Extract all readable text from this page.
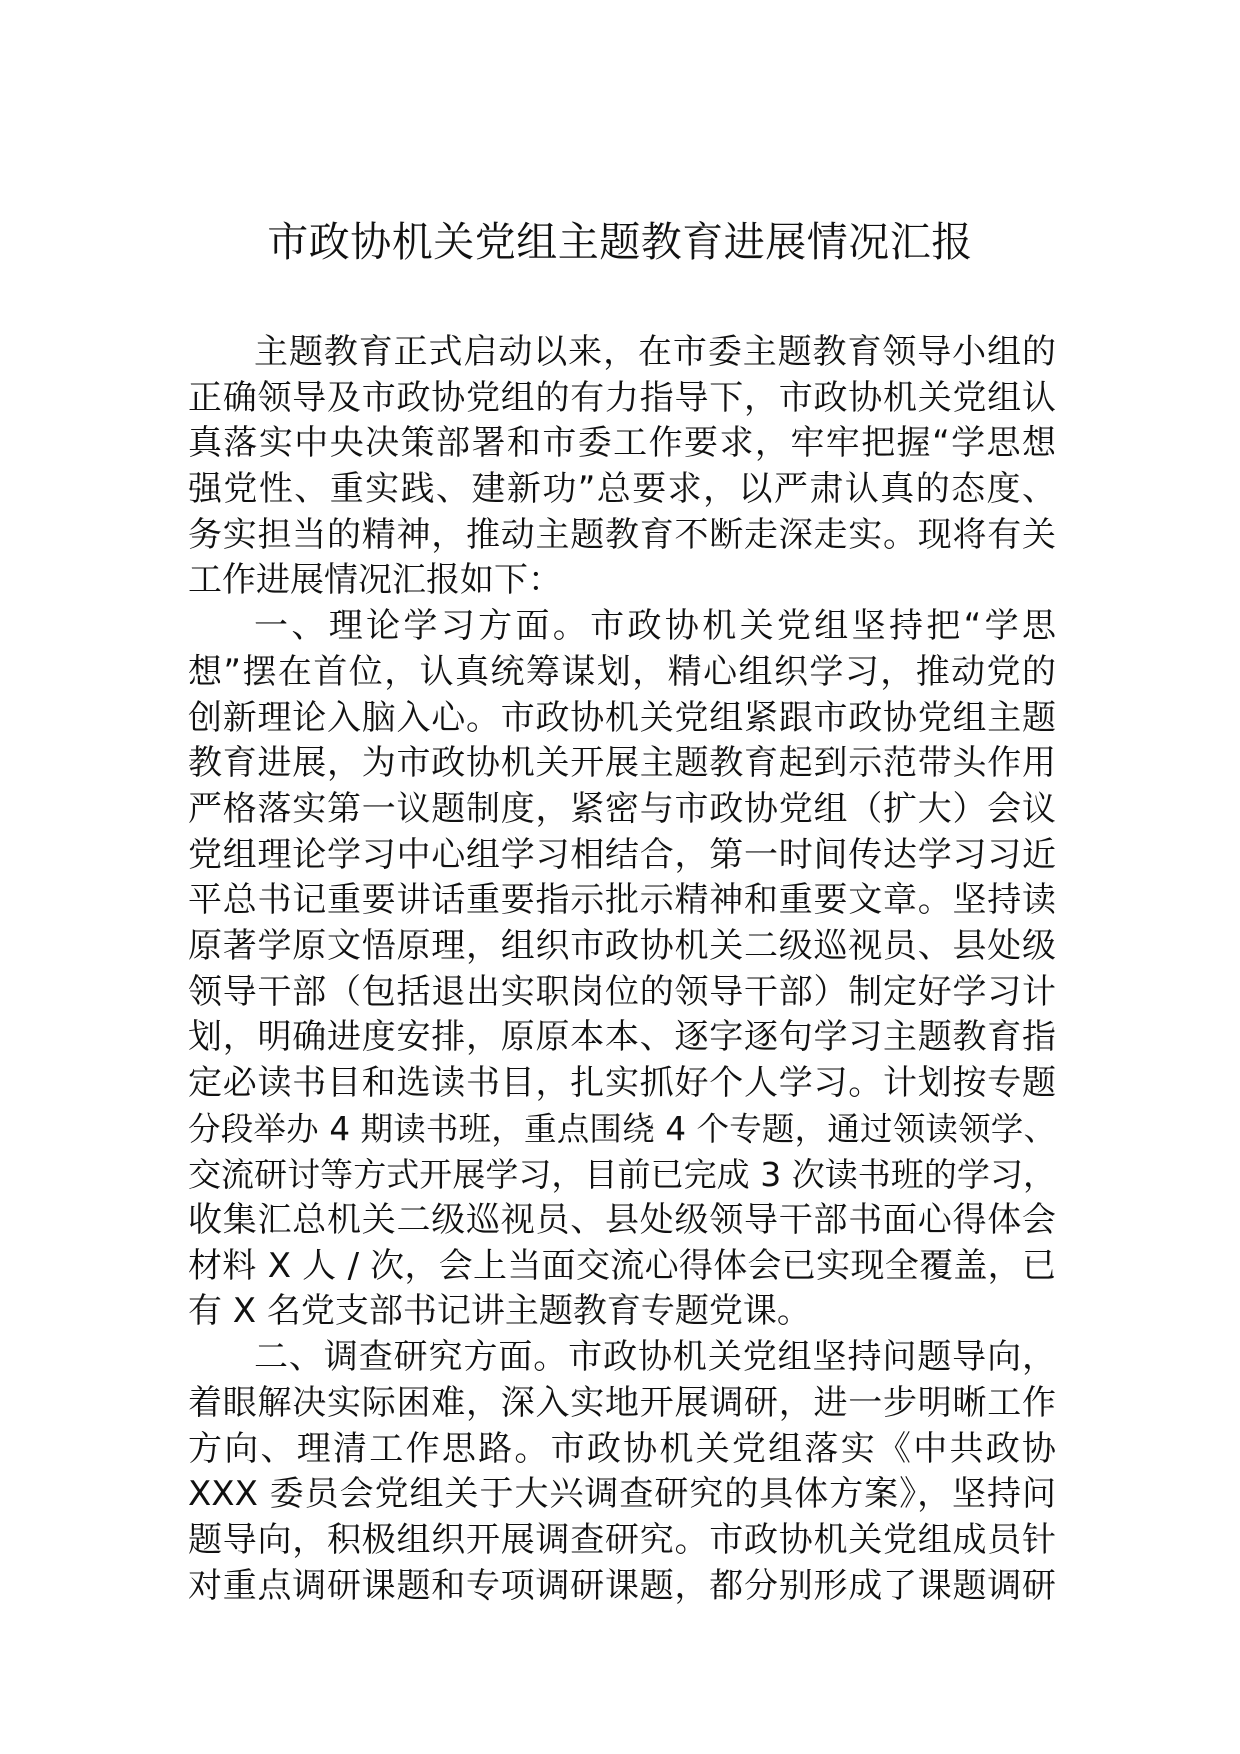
市政协机关党组主题教育进展情况汇报
主题教育正式启动以来，在市委主题教育领导小组的
正确领导及市政协党组的有力指导下，市政协机关党组认
真落实中央决策部署和市委工作要求，牢牢把握“学思想
强党性、重实践、建新功”总要求，以严肃认真的态度、
务实担当的精神，推动主题教育不断走深走实。现将有关
工作进展情况汇报如下：
一、理论学习方面。市政协机关党组坚持把“学思
想”摆在首位，认真统筹谋划，精心组织学习，推动党的
创新理论入脑入心。市政协机关党组紧跟市政协党组主题
教育进展，为市政协机关开展主题教育起到示范带头作用
严格落实第一议题制度，紧密与市政协党组（扩大）会议
党组理论学习中心组学习相结合，第一时间传达学习习近
平总书记重要讲话重要指示批示精神和重要文章。坚持读
原著学原文悟原理，组织市政协机关二级巡视员、县处级
领导干部（包括退出实职岗位的领导干部）制定好学习计
划，明确进度安排，原原本本、逐字逐句学习主题教育指
定必读书目和选读书目，扎实抓好个人学习。计划按专题
分段举办 4 期读书班，重点围绕 4 个专题，通过领读领学、
交流研讨等方式开展学习，目前已完成 3 次读书班的学习，
收集汇总机关二级巡视员、县处级领导干部书面心得体会
材料 X 人 / 次，会上当面交流心得体会已实现全覆盖，已
有 X 名党支部书记讲主题教育专题党课。
二、调查研究方面。市政协机关党组坚持问题导向，
着眼解决实际困难，深入实地开展调研，进一步明晰工作
方向、理清工作思路。市政协机关党组落实《中共政协
XXX 委员会党组关于大兴调查研究的具体方案》，坚持问
题导向，积极组织开展调查研究。市政协机关党组成员针
对重点调研课题和专项调研课题，都分别形成了课题调研
